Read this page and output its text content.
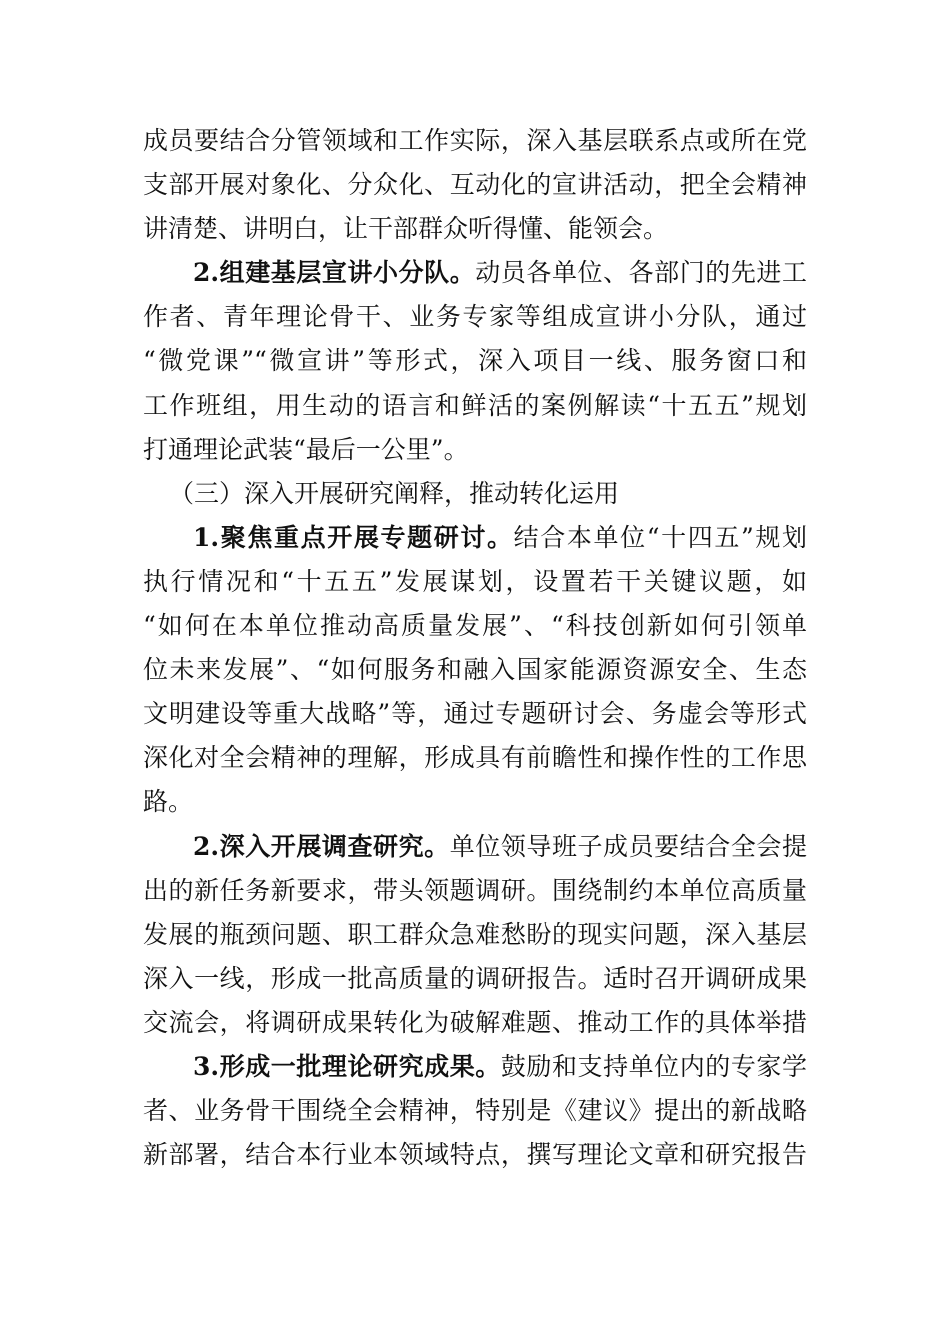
成员要结合分管领域和工作实际，深入基层联系点或所在党
支部开展对象化、分众化、互动化的宣讲活动，把全会精神
讲清楚、讲明白，让干部群众听得懂、能领会。
2.组建基层宣讲小分队。动员各单位、各部门的先进工
作者、青年理论骨干、业务专家等组成宣讲小分队，通过
“微党课”“微宣讲”等形式，深入项目一线、服务窗口和
工作班组，用生动的语言和鲜活的案例解读“十五五”规划
打通理论武装“最后一公里”。
（三）深入开展研究阐释，推动转化运用
1.聚焦重点开展专题研讨。结合本单位“十四五”规划
执行情况和“十五五”发展谋划，设置若干关键议题，如
“如何在本单位推动高质量发展”、“科技创新如何引领单
位未来发展”、“如何服务和融入国家能源资源安全、生态
文明建设等重大战略”等，通过专题研讨会、务虚会等形式
深化对全会精神的理解，形成具有前瞻性和操作性的工作思
路。
2.深入开展调查研究。单位领导班子成员要结合全会提
出的新任务新要求，带头领题调研。围绕制约本单位高质量
发展的瓶颈问题、职工群众急难愁盼的现实问题，深入基层
深入一线，形成一批高质量的调研报告。适时召开调研成果
交流会，将调研成果转化为破解难题、推动工作的具体举措
3.形成一批理论研究成果。鼓励和支持单位内的专家学
者、业务骨干围绕全会精神，特别是《建议》提出的新战略
新部署，结合本行业本领域特点，撰写理论文章和研究报告
